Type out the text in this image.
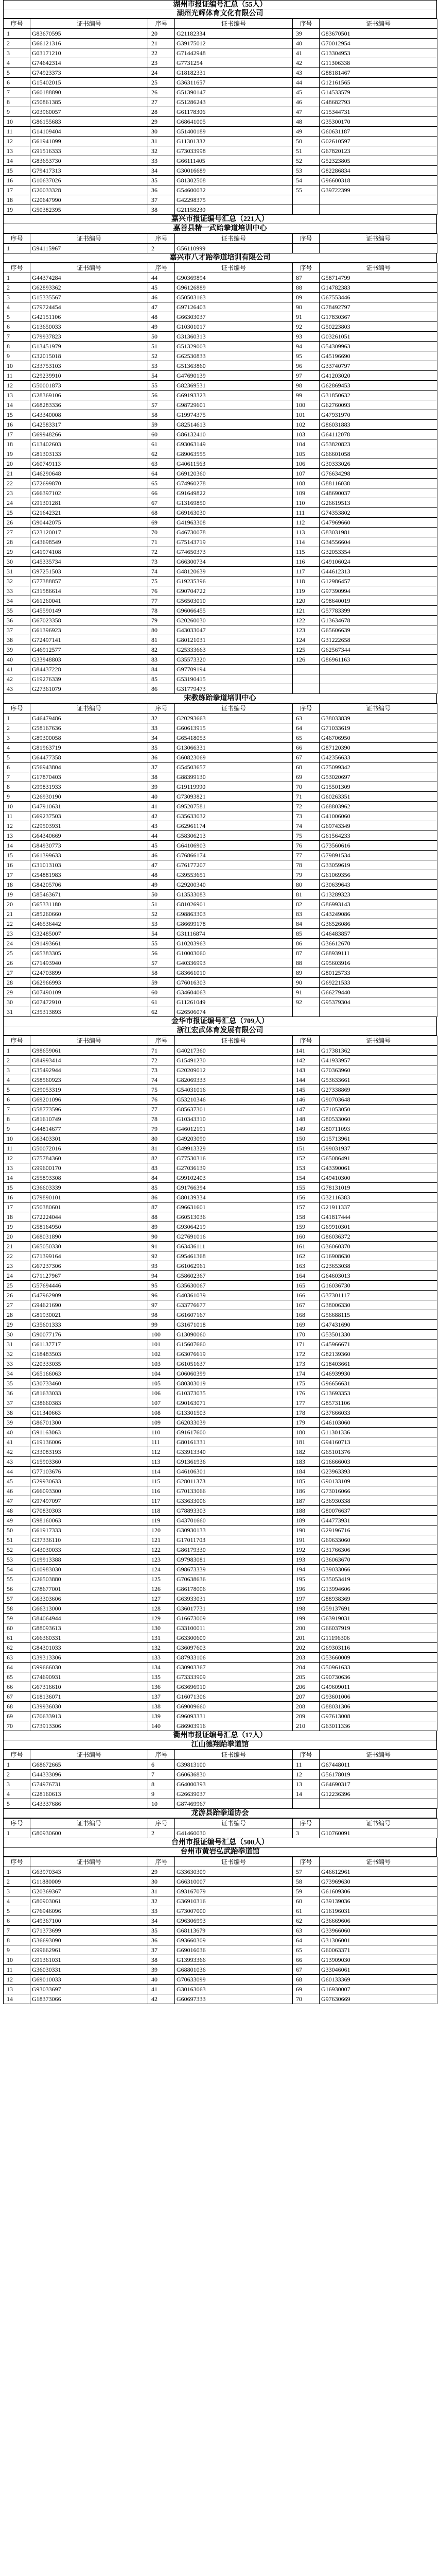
湖州市报证编号汇总（55人）
湖州光辉体育文化有限公司
序号	证书编号	序号	证书编号	序号	证书编号
1	G83670595	20	G21182334	39	G83670501
2	G66121316	21	G39175012	40	G70012954
3	G03171210	22	G71442948	41	G13304953
4	G74642314	23	G7731254	42	G11306338
5	G74923373	24	G18182331	43	G88181467
6	G15402015	25	G36311657	44	G12161565
7	G60188890	26	G51390147	45	G14533579
8	G50861385	27	G51286243	46	G48682793
9	G03960057	28	G61178306	47	G15344731
10	G86155683	29	G68641005	48	G35300170
11	G14109404	30	G51400189	49	G60631187
12	G61941099	31	G11301332	50	G02610597
13	G91516333	32	G73033998	51	G67820123
14	G83653730	33	G66111405	52	G52323805
15	G79417313	34	G30016689	53	G82286834
16	G10637026	35	G81302508	54	G96600318
17	G20033328	36	G54600032	55	G39722399
18	G20647990	37	G42298375		
19	G50382395	38	G21158230		
嘉兴市报证编号汇总（221人）
嘉善县精一武跆拳道培训中心
序号	证书编号	序号	证书编号	序号	证书编号
1	G94115967	2	G56110999		
嘉兴市八才跆拳道培训有限公司
序号	证书编号	序号	证书编号	序号	证书编号
1	G44374284	44	G90369894	87	G58714799
2	G62893362	45	G96126889	88	G14782383
3	G15335567	46	G50503163	89	G67553446
4	G79724454	47	G97126403	90	G78492797
5	G42151106	48	G66303037	91	G17830367
6	G13650033	49	G10301017	92	G50223803
7	G79937823	50	G31360313	93	G03261051
8	G13451979	51	G51329003	94	G54309963
9	G32015018	52	G62530833	95	G45196690
10	G33753103	53	G51363860	96	G33740797
11	G29239910	54	G47690139	97	G41203020
12	G50001873	55	G82369531	98	G62869453
13	G28369106	56	G69193323	99	G31850632
14	G68283336	57	G98729601	100	G62760093
15	G43340008	58	G19974375	101	G47931970
16	G42583317	59	G82514613	102	G86031883
17	G69948266	60	G86132410	103	G64112078
18	G13402603	61	G93063149	104	G53820823
19	G81303133	62	G89063555	105	G66601058
20	G60749113	63	G40611563	106	G30333026
21	G46290648	64	G69120360	107	G76634298
22	G72699870	65	G74960278	108	G88116038
23	G66397102	66	G91649822	109	G48690037
24	G91301281	67	G13169850	110	G26619513
25	G21642321	68	G69163030	111	G74353802
26	G90442075	69	G41963308	112	G47969660
27	G23120017	70	G46730078	113	G83031981
28	G43698549	71	G75143719	114	G34556604
29	G41974108	72	G74650373	115	G32053354
30	G45335734	73	G66300734	116	G49106024
31	G97251503	74	G48120639	117	G44612313
32	G77388857	75	G19235396	118	G12986457
33	G31586614	76	G90704722	119	G97390994
34	G61260041	77	G56503010	120	G98640019
35	G45590149	78	G96066455	121	G57783399
36	G67023358	79	G20260030	122	G13634678
37	G61396923	80	G43033047	123	G65606639
38	G72497141	81	G80121031	124	G31222658
39	G46912577	82	G25333663	125	G62567344
40	G33948803	83	G35573320	126	G86961163
41	G84437228	84	G97709194		
42	G19276339	85	G53190415		
43	G27361079	86	G31779473		
宋教练跆拳道培训中心
序号	证书编号	序号	证书编号	序号	证书编号
1	G46479486	32	G20293663	63	G38033839
2	G58167636	33	G60613915	64	G71033619
3	G89300058	34	G65418053	65	G46706950
4	G81963719	35	G13066331	66	G87120390
5	G64477358	36	G60823069	67	G42356633
6	G56943804	37	G54503657	68	G75099342
7	G17870403	38	G88399130	69	G53020697
8	G99831933	39	G19119990	70	G15501309
9	G26930190	40	G73093821	71	G60263351
10	G47910631	41	G95207581	72	G68803962
11	G69237503	42	G35633032	73	G41006060
12	G29503931	43	G62961174	74	G69743349
13	G64340669	44	G58306213	75	G61564233
14	G84930773	45	G64106903	76	G73560616
15	G61399633	46	G76866174	77	G79891534
16	G31013103	47	G76177207	78	G33059619
17	G54881983	48	G39553651	79	G61069356
18	G84205706	49	G29200340	80	G30639643
19	G85463671	50	G13533083	81	G13289323
20	G65331180	51	G81026901	82	G86993143
21	G85260660	52	G98863303	83	G43249086
22	G46536442	53	G86699178	84	G36526086
23	G32485007	54	G31116874	85	G46483857
24	G91493661	55	G10203963	86	G36612670
25	G65383305	56	G10003060	87	G68939111
26	G71493940	57	G40336993	88	G95603916
27	G24703899	58	G83661010	89	G80125733
28	G62966993	59	G76016303	90	G69221533
29	G07490109	60	G34604063	91	G66279440
30	G07472910	61	G11261049	92	G95379304
31	G35313893	62	G26506074		
金华市报证编号汇总（709人）
浙江宏武体育发展有限公司
序号	证书编号	序号	证书编号	序号	证书编号
1	G98659061	71	G40217360	141	G17381362
2	G84993414	72	G15491230	142	G41933957
3	G35492944	73	G20209012	143	G70363960
4	G58560923	74	G82069333	144	G53633661
5	G39053319	75	G54031016	145	G27338869
6	G69201096	76	G53210346	146	G90703648
7	G58773596	77	G85637301	147	G71053050
8	G81610749	78	G10343310	148	G80533060
9	G44814677	79	G46012191	149	G80711093
10	G63403301	80	G49203090	150	G15713961
11	G50072016	81	G49913329	151	G99031937
12	G75784360	82	G77530316	152	G65086491
13	G99600170	83	G27036139	153	G43390061
14	G55893308	84	G99102403	154	G49410300
15	G36603339	85	G91766394	155	G78131019
16	G79890101	86	G80139334	156	G32116383
17	G50380601	87	G96631601	157	G21911337
18	G72224044	88	G60513036	158	G41817444
19	G58164950	89	G93064219	159	G69910301
20	G68031890	90	G27691016	160	G86036372
21	G65050330	91	G63436111	161	G36060370
22	G71399164	92	G95461368	162	G16908630
23	G67237306	93	G61062961	163	G23653038
24	G71127967	94	G58602367	164	G64603013
25	G57694446	95	G35630067	165	G16036730
26	G47962909	96	G40361039	166	G37301117
27	G94621690	97	G33776677	167	G38006330
28	G81930021	98	G61607167	168	G56688115
29	G35601333	99	G31671018	169	G47431690
30	G90077176	100	G13090060	170	G53501330
31	G61137717	101	G15607660	171	G45966671
32	G18483503	102	G63076619	172	G82139360
33	G20333035	103	G61051637	173	G18403661
34	G65166063	104	G06060399	174	G46939930
35	G30733460	105	G80303019	175	G96656631
36	G81633033	106	G10373035	176	G13693353
37	G38660383	107	G90163071	177	G85731106
38	G11340663	108	G13301503	178	G37666033
39	G86701300	109	G62033039	179	G46103060
40	G91163063	110	G91617600	180	G11301336
41	G19136006	111	G80161331	181	G94160713
42	G33083193	112	G33913340	182	G65101376
43	G15903360	113	G91361936	183	G16666003
44	G77103676	114	G46106301	184	G23963393
45	G29930633	115	G28011373	185	G90133109
46	G66093300	116	G70133066	186	G73016066
47	G97497097	117	G33633006	187	G36930338
48	G70830303	118	G78893303	188	G80076637
49	G98160063	119	G43701660	189	G44773931
50	G61917333	120	G30930133	190	G29196716
51	G37336110	121	G17011703	191	G69633060
52	G43030033	122	G86179330	192	G31766306
53	G19913388	123	G97983081	193	G36063670
54	G10983030	124	G98673339	194	G39033066
55	G26503880	125	G70638636	195	G35053419
56	G78677001	126	G86178006	196	G13994606
57	G63303606	127	G63933031	197	G88938369
58	G66313000	128	G36017731	198	G59137691
59	G84064944	129	G16673009	199	G63919031
60	G88093613	130	G33100011	200	G66037919
61	G66360331	131	G63300609	201	G11196306
62	G84301033	132	G36097603	202	G69303116
63	G39313306	133	G87933106	203	G53660009
64	G99666030	134	G30903367	204	G50961633
65	G74690931	135	G73333909	205	G90730636
66	G67316610	136	G63696910	206	G49609011
67	G18136071	137	G16071306	207	G93601006
68	G39936030	138	G69009660	208	G88031306
69	G70633913	139	G96093331	209	G97613008
70	G73913306	140	G86903916	210	G63011336
衢州市报证编号汇总（17人）
江山德翔跆拳道馆
序号	证书编号	序号	证书编号	序号	证书编号
1	G68672665	6	G39813100	11	G67448011
2	G44333096	7	G60636830	12	G56178019
3	G74976731	8	G64000393	13	G64690317
4	G28160613	9	G26639037	14	G12236396
5	G43337686	10	G87469967		
龙游县跆拳道协会
序号	证书编号	序号	证书编号	序号	证书编号
1	G80930600	2	G41460030	3	G10760091
台州市报证编号汇总（500人）
台州市黄岩弘武跆拳道馆
序号	证书编号	序号	证书编号	序号	证书编号
1	G63970343	29	G33630309	57	G46612961
2	G11880009	30	G66310007	58	G73969630
3	G20369367	31	G93167079	59	G61609306
4	G80903061	32	G36910316	60	G39139036
5	G76946096	33	G73007000	61	G16196031
6	G49367100	34	G96306993	62	G36669606
7	G71373699	35	G68113679	63	G33966060
8	G36693090	36	G93660309	64	G31306001
9	G99662961	37	G69016036	65	G60063371
10	G91361031	38	G13993366	66	G13909030
11	G36030331	39	G68801036	67	G33046061
12	G69010033	40	G70633099	68	G60133369
13	G93033697	41	G30163063	69	G16930007
14	G18373066	42	G60697333	70	G97630669
